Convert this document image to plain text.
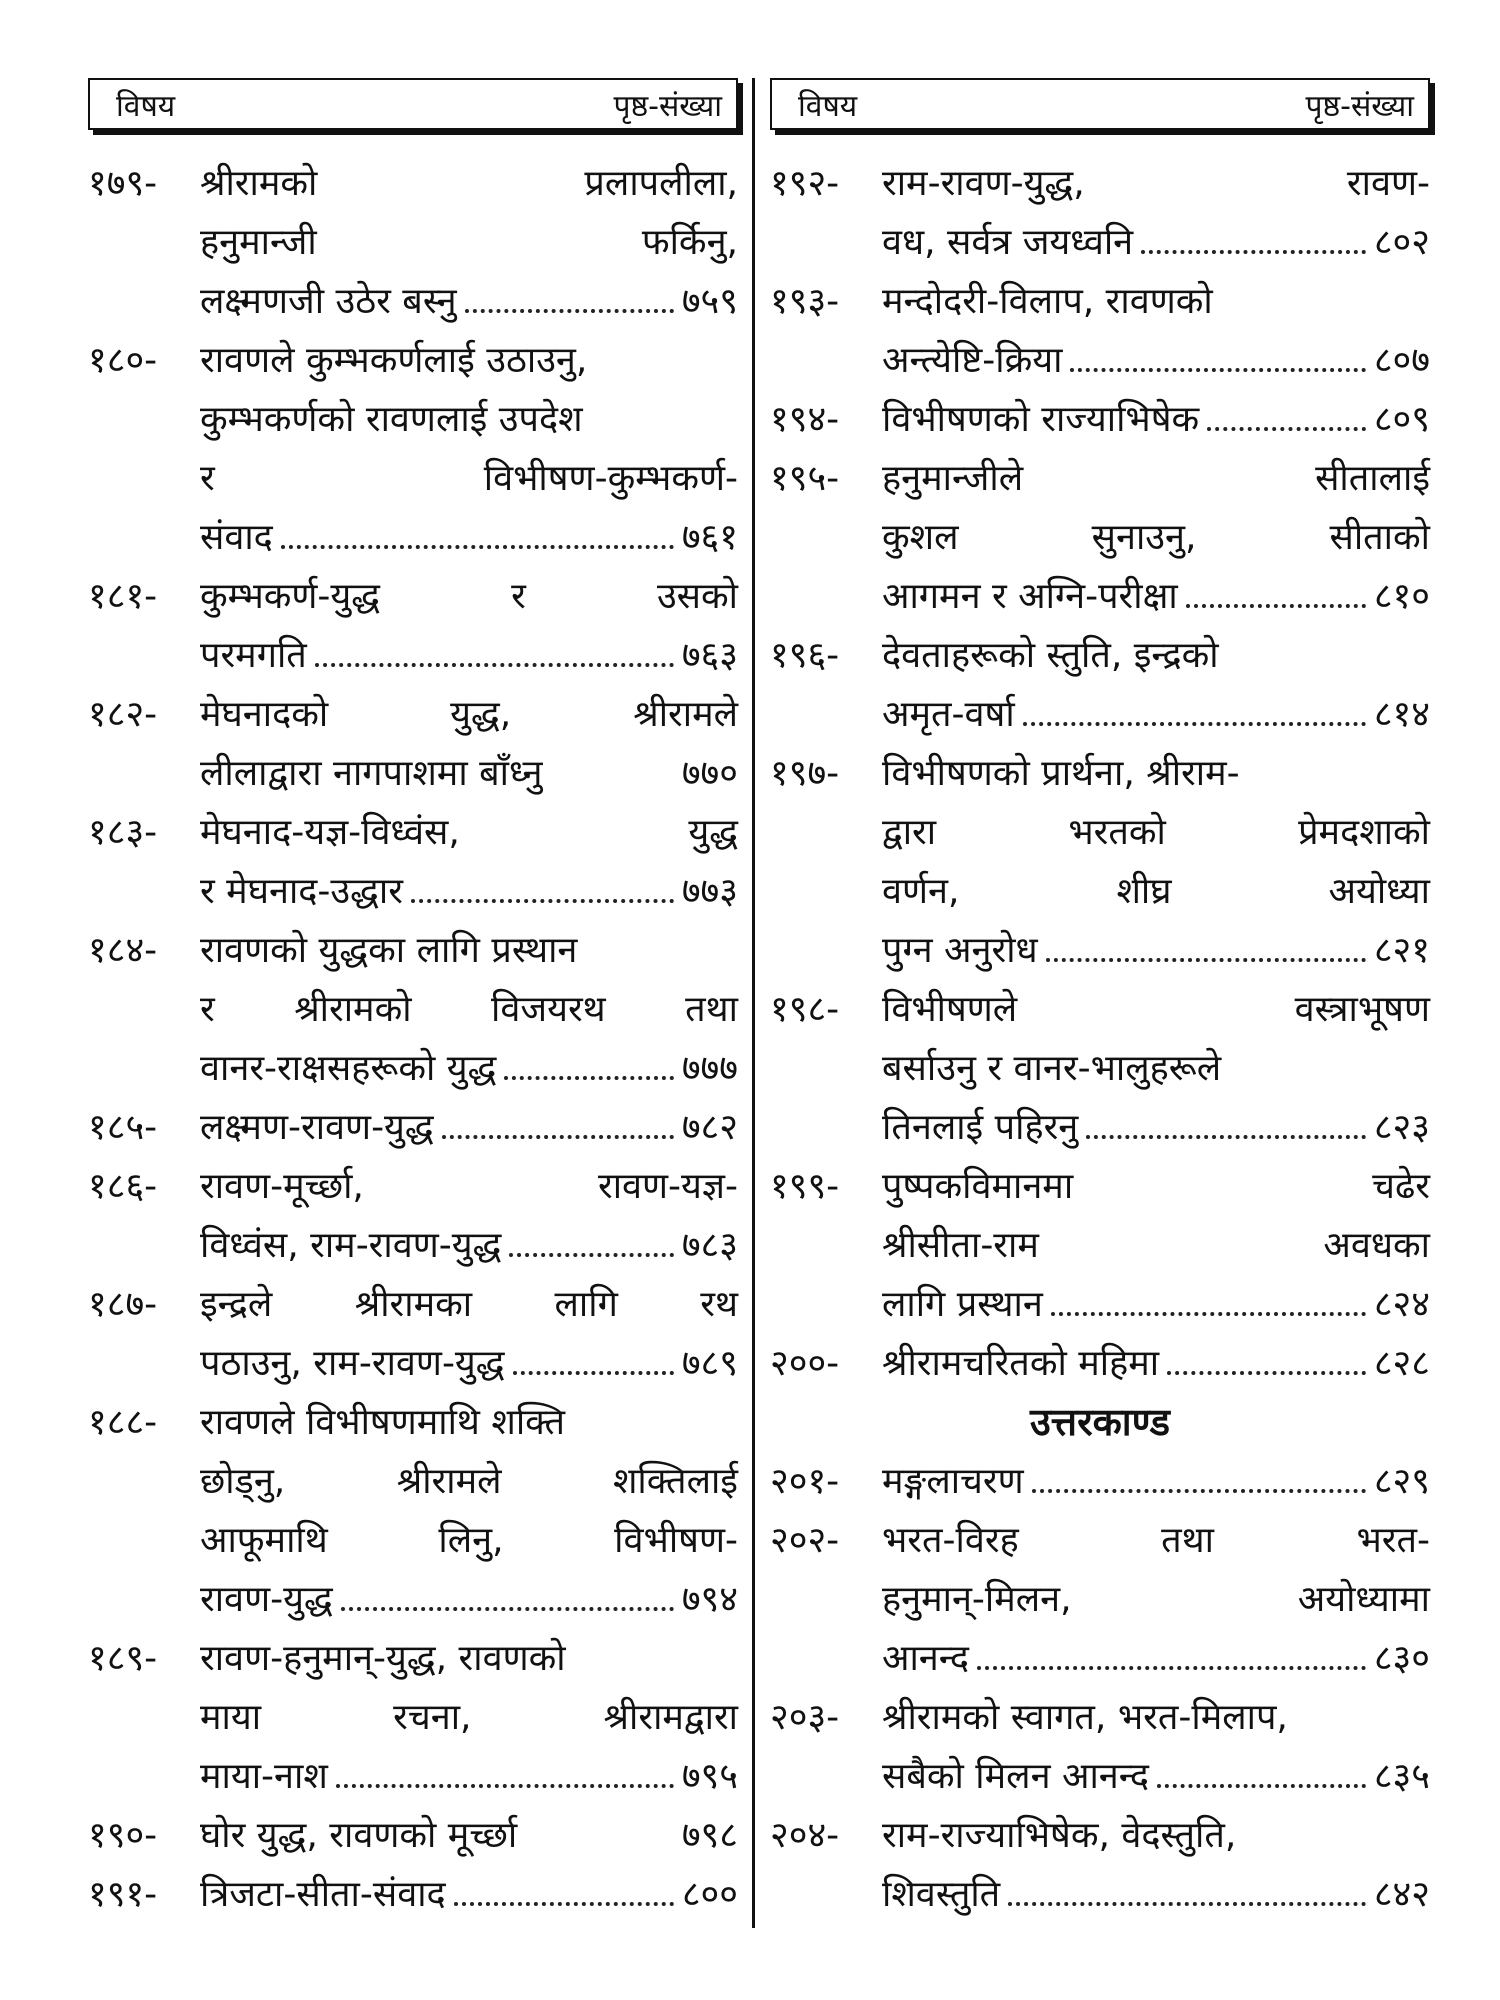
विषय	पृष्ठ-संख्या
१७९-	श्रीरामको	प्रलापलीला,
हनुमान्जी	फर्किनु,
लक्ष्मणजी उठेर बस्नु	७५९
१८०-	रावणले कुम्भकर्णलाई उठाउनु,
कुम्भकर्णको रावणलाई उपदेश
र	विभीषण-कुम्भकर्ण-
संवाद	७६१
१८१-	कुम्भकर्ण-युद्ध	र	उसको
परमगति	७६३
१८२-	मेघनादको	युद्ध,	श्रीरामले
लीलाद्वारा नागपाशमा बाँध्नु	७७०
१८३-	मेघनाद-यज्ञ-विध्वंस,	युद्ध
र मेघनाद-उद्धार	७७३
१८४-	रावणको युद्धका लागि प्रस्थान
र श्रीरामको विजयरथ तथा
वानर-राक्षसहरूको युद्ध	७७७
१८५-	लक्ष्मण-रावण-युद्ध	७८२
१८६-	रावण-मूर्च्छा,	रावण-यज्ञ-
विध्वंस, राम-रावण-युद्ध	७८३
१८७-	इन्द्रले श्रीरामका लागि रथ
पठाउनु, राम-रावण-युद्ध	७८९
१८८-	रावणले विभीषणमाथि शक्ति
छोड्नु,	श्रीरामले	शक्तिलाई
आफूमाथि	लिनु,	विभीषण-
रावण-युद्ध	७९४
१८९-	रावण-हनुमान्-युद्ध, रावणको
माया	रचना,	श्रीरामद्वारा
माया-नाश	७९५
१९०-	घोर युद्ध, रावणको मूर्च्छा	७९८
१९१-	त्रिजटा-सीता-संवाद	८००
विषय	पृष्ठ-संख्या
१९२-	राम-रावण-युद्ध,	रावण-
वध, सर्वत्र जयध्वनि	८०२
१९३-	मन्दोदरी-विलाप, रावणको
अन्त्येष्टि-क्रिया	८०७
१९४-	विभीषणको राज्याभिषेक	८०९
१९५-	हनुमान्जीले	सीतालाई
कुशल	सुनाउनु,	सीताको
आगमन र अग्नि-परीक्षा	८१०
१९६-	देवताहरूको स्तुति, इन्द्रको
अमृत-वर्षा	८१४
१९७-	विभीषणको प्रार्थना, श्रीराम-
द्वारा	भरतको	प्रेमदशाको
वर्णन,	शीघ्र	अयोध्या
पुग्न अनुरोध	८२१
१९८-	विभीषणले	वस्त्राभूषण
बर्साउनु र वानर-भालुहरूले
तिनलाई पहिरनु	८२३
१९९-	पुष्पकविमानमा	चढेर
श्रीसीता-राम	अवधका
लागि प्रस्थान	८२४
२००-	श्रीरामचरितको महिमा	८२८
उत्तरकाण्ड
२०१-	मङ्गलाचरण	८२९
२०२-	भरत-विरह	तथा	भरत-
हनुमान्-मिलन,	अयोध्यामा
आनन्द	८३०
२०३-	श्रीरामको स्वागत, भरत-मिलाप,
सबैको मिलन आनन्द	८३५
२०४-	राम-राज्याभिषेक, वेदस्तुति,
शिवस्तुति	८४२
